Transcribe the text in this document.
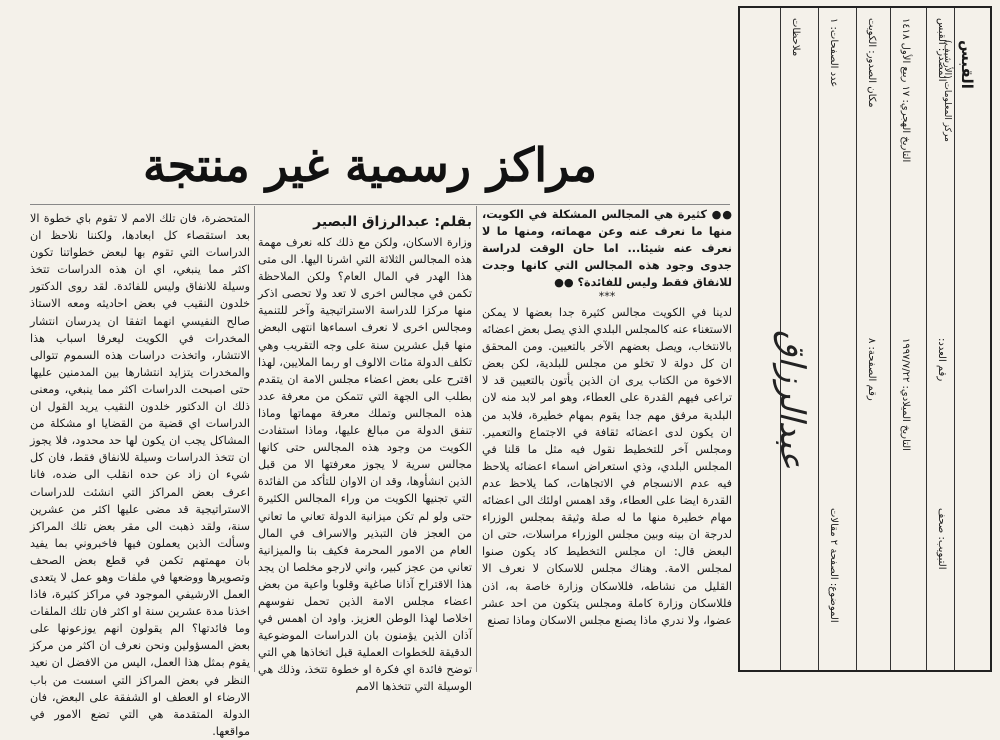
المصدر: القبس
رقم العدد:
التبويب: صحف
التاريخ الهجري: ١٧ ربيع الأول ١٤١٨
التاريخ الميلادي: ١٩٩٧/٧/٢٢
مكان الصدور: الكويت
رقم الصفحة: ٨
عدد الصفحات: ١
الموضوع: الصفحة ٢ مقالات
ملاحظات
القبس
مركز المعلومات (الأرشيف)
عبدالرزاق
●● كثيرة هي المجالس المشكلة في الكويت، منها ما نعرف عنه وعن مهماته، ومنها ما لا نعرف عنه شيئا... اما حان الوقت لدراسة جدوى وجود هذه المجالس التي كانها وجدت للانفاق فقط وليس للفائدة؟ ●●
***
لدينا في الكويت مجالس كثيرة جدا بعضها لا يمكن الاستغناء عنه كالمجلس البلدي الذي يصل بعض اعضائه بالانتخاب، ويصل بعضهم الآخر بالتعيين. ومن المحقق ان كل دولة لا تخلو من مجلس للبلدية، لكن بعض الاخوة من الكتاب يرى ان الذين يأتون بالتعيين قد لا تراعى فيهم القدرة على العطاء، وهو امر لابد منه لان البلدية مرفق مهم جدا يقوم بمهام خطيرة، فلابد من ان يكون لدى اعضائه ثقافة في الاجتماع والتعمير. ومجلس آخر للتخطيط نقول فيه مثل ما قلنا في المجلس البلدي، وذي استعراض اسماء اعضائه يلاحظ فيه عدم الانسجام في الاتجاهات، كما يلاحظ عدم القدرة ايضا على العطاء، وقد اهمس اولئك الى اعضائه مهام خطيرة منها ما له صلة وثيقة بمجلس الوزراء لدرجة ان بينه وبين مجلس الوزراء مراسلات، حتى ان البعض قال: ان مجلس التخطيط كاد يكون صنوا لمجلس الامة. وهناك مجلس للاسكان لا نعرف الا القليل من نشاطه، فللاسكان وزارة خاصة به، اذن فللاسكان وزارة كاملة ومجلس يتكون من احد عشر عضوا، ولا ندري ماذا يصنع مجلس الاسكان وماذا تصنع
مراكز رسمية غير منتجة
بقلم: عبدالرزاق البصير
وزارة الاسكان، ولكن مع ذلك كله نعرف مهمة هذه المجالس الثلاثة التي اشرنا اليها. الى متى هذا الهدر في المال العام؟ ولكن الملاحظة تكمن في مجالس اخرى لا تعد ولا تحصى اذكر منها مركزا للدراسة الاستراتيجية وآخر للتنمية ومجالس اخرى لا نعرف اسماءها انتهى البعض منها قبل عشرين سنة على وجه التقريب وهي تكلف الدولة مئات الالوف او ربما الملايين، لهذا اقترح على بعض اعضاء مجلس الامة ان يتقدم بطلب الى الجهة التي تتمكن من معرفة عدد هذه المجالس وتملك معرفة مهماتها وماذا تنفق الدولة من مبالغ عليها، وماذا استفادت الكويت من وجود هذه المجالس حتى كانها مجالس سرية لا يجوز معرفتها الا من قبل الذين انشأوها، وقد ان الاوان للتأكد من الفائدة التي تجنيها الكويت من وراء المجالس الكثيرة حتى ولو لم تكن ميزانية الدولة تعاني ما تعاني من العجز فان التبذير والاسراف في المال العام من الامور المحرمة فكيف بنا والميزانية تعاني من عجز كبير، واني لارجو مخلصا ان يجد هذا الاقتراح آذانا صاغية وقلوبا واعية من بعض اعضاء مجلس الامة الذين تحمل نفوسهم اخلاصا لهذا الوطن العزيز. واود ان اهمس في آذان الذين يؤمنون بان الدراسات الموضوعية الدقيقة للخطوات العملية قبل اتخاذها هي التي توضح فائدة اي فكرة او خطوة تتخذ، وذلك هي الوسيلة التي تتخذها الامم
المتحضرة، فان تلك الامم لا تقوم باي خطوة الا بعد استقصاء كل ابعادها، ولكننا نلاحظ ان الدراسات التي تقوم بها لبعض خطواتنا تكون اكثر مما ينبغي، اي ان هذه الدراسات تتخذ وسيلة للانفاق وليس للفائدة. لقد روى الدكتور خلدون النقيب في بعض احاديثه ومعه الاستاذ صالح النفيسي انهما اتفقا ان يدرسان انتشار المخدرات في الكويت ليعرفا اسباب هذا الانتشار، واتخذت دراسات هذه السموم تتوالى والمخدرات يتزايد انتشارها بين المدمنين عليها حتى اصبحت الدراسات اكثر مما ينبغي، ومعنى ذلك ان الدكتور خلدون النقيب يريد القول ان الدراسات اي قضية من القضايا او مشكلة من المشاكل يجب ان يكون لها حد محدود، فلا يجوز ان تتخذ الدراسات وسيلة للانفاق فقط، فان كل شيء ان زاد عن حده انقلب الى ضده، فانا اعرف بعض المراكز التي انشئت للدراسات الاستراتيجية قد مضى عليها اكثر من عشرين سنة، ولقد ذهبت الى مقر بعض تلك المراكز وسألت الذين يعملون فيها فاخبروني بما يفيد بان مهمتهم تكمن في قطع بعض الصحف وتصويرها ووضعها في ملفات وهو عمل لا يتعدى العمل الارشيفي الموجود في مراكز كثيرة، فاذا اخذنا مدة عشرين سنة او اكثر فان تلك الملفات وما فائدتها؟ الم يقولون انهم يوزعونها على بعض المسؤولين ونحن نعرف ان اكثر من مركز يقوم بمثل هذا العمل، اليس من الافضل ان نعيد النظر في بعض المراكز التي اسست من باب الارضاء او العطف او الشفقة على البعض، فان الدولة المتقدمة هي التي تضع الامور في مواقعها.
